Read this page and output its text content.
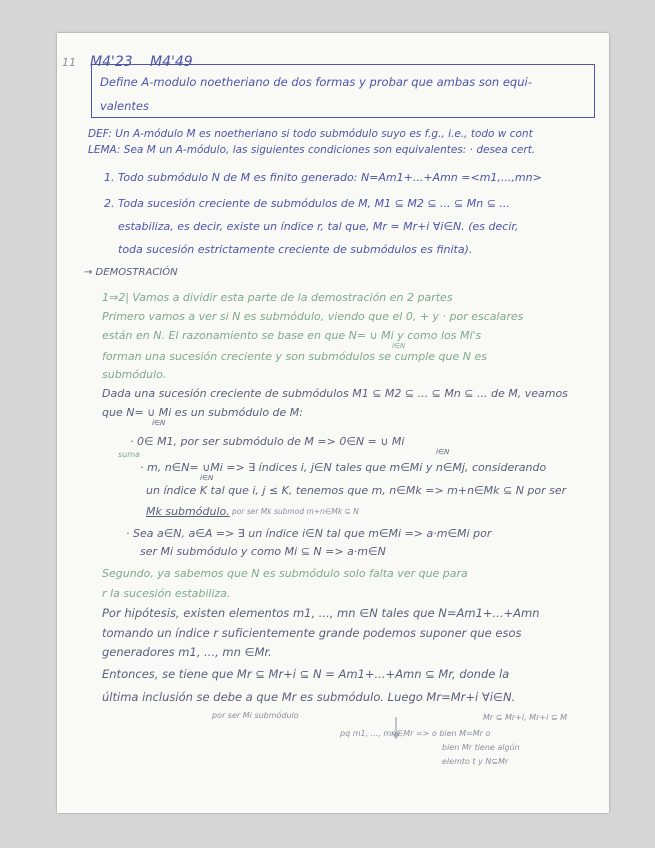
11 M4'23 M4'49
Define A-modulo noetheriano de dos formas y probar que ambas son equi-
valentes
DEF: Un A-módulo M es noetheriano si todo submódulo suyo es f.g., i.e., todo w cont
LEMA: Sea M un A-módulo, las siguientes condiciones son equivalentes: · desea cert.
1. Todo submódulo N de M es finito generado: N=Am1+...+Amn =<m1,...,mn>
2. Toda sucesión creciente de submódulos de M, M1 ⊆ M2 ⊆ ... ⊆ Mn ⊆ ...
estabiliza, es decir, existe un índice r, tal que, Mr = Mr+i ∀i∈N. (es decir,
toda sucesión estrictamente creciente de submódulos es finita).
→ DEMOSTRACIÓN
1⇒2| Vamos a dividir esta parte de la demostración en 2 partes
Primero vamos a ver si N es submódulo, viendo que el 0, + y · por escalares
están en N. El razonamiento se base en que N= ∪ Mi y como los Mi's
i∈N
forman una sucesión creciente y son submódulos se cumple que N es
submódulo.
Dada una sucesión creciente de submódulos M1 ⊆ M2 ⊆ ... ⊆ Mn ⊆ ... de M, veamos
que N= ∪ Mi es un submódulo de M:
i∈N
· 0∈ M1, por ser submódulo de M => 0∈N = ∪ Mi
i∈N
suma
· m, n∈N= ∪Mi => ∃ índices i, j∈N tales que m∈Mi y n∈Mj, considerando
i∈N
un índice K tal que i, j ≤ K, tenemos que m, n∈Mk => m+n∈Mk ⊆ N por ser
Mk submódulo. por ser Mk submod m+n∈Mk ⊆ N
· Sea a∈N, a∈A => ∃ un índice i∈N tal que m∈Mi => a·m∈Mi por
ser Mi submódulo y como Mi ⊆ N => a·m∈N
Segundo, ya sabemos que N es submódulo solo falta ver que para
r la sucesión estabiliza.
Por hipótesis, existen elementos m1, ..., mn ∈N tales que N=Am1+...+Amn
tomando un índice r suficientemente grande podemos suponer que esos
generadores m1, ..., mn ∈Mr.
Entonces, se tiene que Mr ⊆ Mr+i ⊆ N = Am1+...+Amn ⊆ Mr, donde la
última inclusión se debe a que Mr es submódulo. Luego Mr=Mr+i ∀i∈N.
por ser Mi submódulo	Mr ⊆ Mr+i, Mr+i ⊆ M
pq m1, ..., mn∈Mr => o bien M=Mr o
bien Mr tiene algún
elemto t y N⊆Mr
